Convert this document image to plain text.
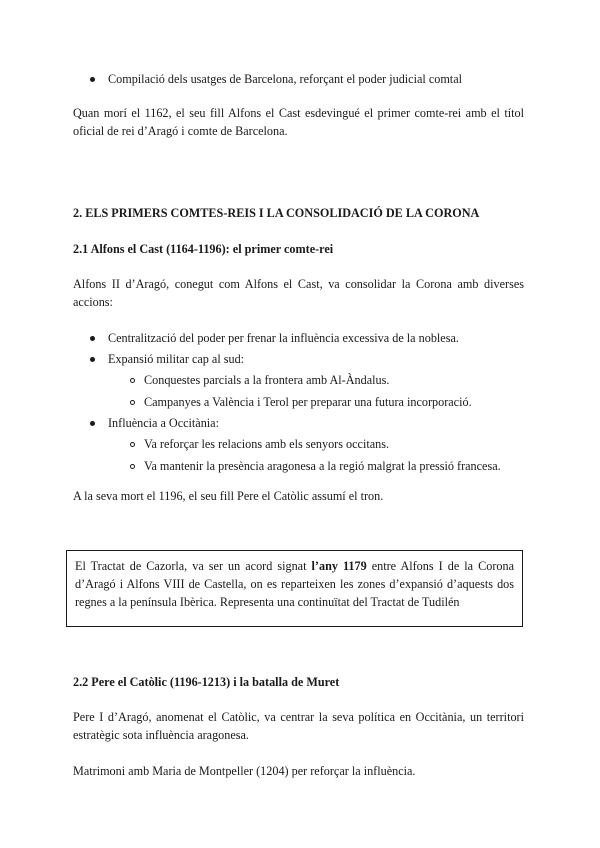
Compilació dels usatges de Barcelona, reforçant el poder judicial comtal
Quan morí el 1162, el seu fill Alfons el Cast esdevingué el primer comte-rei amb el títol oficial de rei d’Aragó i comte de Barcelona.
2. ELS PRIMERS COMTES-REIS I LA CONSOLIDACIÓ DE LA CORONA
2.1 Alfons el Cast (1164-1196): el primer comte-rei
Alfons II d’Aragó, conegut com Alfons el Cast, va consolidar la Corona amb diverses accions:
Centralització del poder per frenar la influència excessiva de la noblesa.
Expansió militar cap al sud:
Conquestes parcials a la frontera amb Al-Àndalus.
Campanyes a València i Terol per preparar una futura incorporació.
Influència a Occitània:
Va reforçar les relacions amb els senyors occitans.
Va mantenir la presència aragonesa a la regió malgrat la pressió francesa.
A la seva mort el 1196, el seu fill Pere el Catòlic assumí el tron.
El Tractat de Cazorla, va ser un acord signat l’any 1179 entre Alfons I de la Corona d’Aragó i Alfons VIII de Castella, on es reparteixen les zones d’expansió d’aquests dos regnes a la península Ibèrica. Representa una continuïtat del Tractat de Tudilén
2.2 Pere el Catòlic (1196-1213) i la batalla de Muret
Pere I d’Aragó, anomenat el Catòlic, va centrar la seva política en Occitània, un territori estratègic sota influència aragonesa.
Matrimoni amb Maria de Montpeller (1204) per reforçar la influència.
